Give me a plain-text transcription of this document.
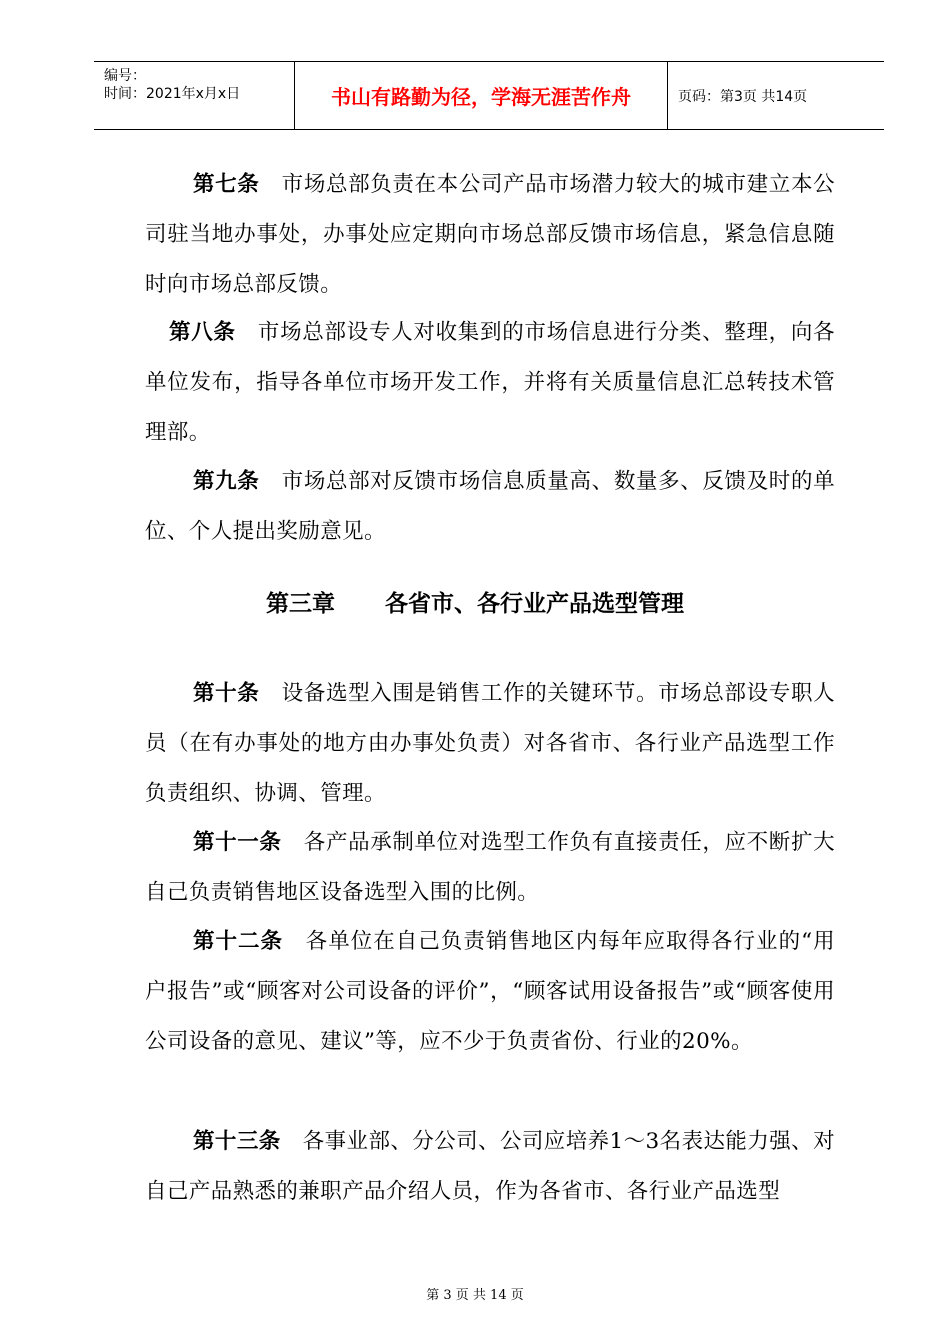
编号：
时间：2021年x月x日	书山有路勤为径，学海无涯苦作舟	页码：第3页 共14页
第七条 市场总部负责在本公司产品市场潜力较大的城市建立本公司驻当地办事处，办事处应定期向市场总部反馈市场信息，紧急信息随时向市场总部反馈。
第八条 市场总部设专人对收集到的市场信息进行分类、整理，向各单位发布，指导各单位市场开发工作，并将有关质量信息汇总转技术管理部。
第九条 市场总部对反馈市场信息质量高、数量多、反馈及时的单位、个人提出奖励意见。
第三章 各省市、各行业产品选型管理
第十条 设备选型入围是销售工作的关键环节。市场总部设专职人员（在有办事处的地方由办事处负责）对各省市、各行业产品选型工作负责组织、协调、管理。
第十一条 各产品承制单位对选型工作负有直接责任，应不断扩大自己负责销售地区设备选型入围的比例。
第十二条 各单位在自己负责销售地区内每年应取得各行业的“用户报告”或“顾客对公司设备的评价”，“顾客试用设备报告”或“顾客使用公司设备的意见、建议”等，应不少于负责省份、行业的20%。
第十三条 各事业部、分公司、公司应培养1～3名表达能力强、对自己产品熟悉的兼职产品介绍人员，作为各省市、各行业产品选型
第 3 页 共 14 页
